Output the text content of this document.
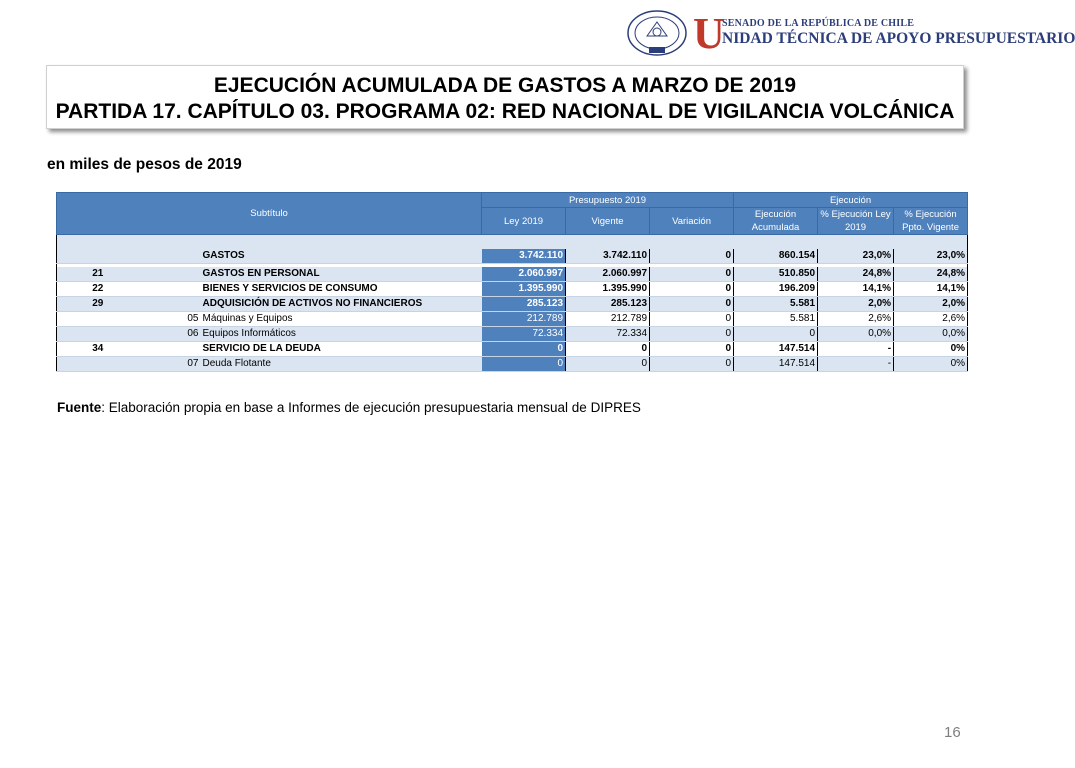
U
SENADO DE LA REPÚBLICA DE CHILE
NIDAD TÉCNICA DE APOYO PRESUPUESTARIO
EJECUCIÓN ACUMULADA DE GASTOS A MARZO DE 2019
PARTIDA 17. CAPÍTULO 03. PROGRAMA 02: RED NACIONAL DE VIGILANCIA VOLCÁNICA
en miles de pesos de 2019
Subtítulo			Presupuesto 2019			Ejecución		
			Ley 2019	Vigente	Variación	Ejecución Acumulada	% Ejecución Ley 2019	% Ejecución Ppto. Vigente

		GASTOS	3.742.110	3.742.110	0	860.154	23,0%	23,0%

21		GASTOS EN PERSONAL	2.060.997	2.060.997	0	510.850	24,8%	24,8%
22		BIENES Y SERVICIOS DE CONSUMO	1.395.990	1.395.990	0	196.209	14,1%	14,1%
29		ADQUISICIÓN DE ACTIVOS NO FINANCIEROS	285.123	285.123	0	5.581	2,0%	2,0%
	05	Máquinas y Equipos	212.789	212.789	0	5.581	2,6%	2,6%
	06	Equipos Informáticos	72.334	72.334	0	0	0,0%	0,0%
34		SERVICIO DE LA DEUDA	0	0	0	147.514	-	0%
	07	Deuda Flotante	0	0	0	147.514	-	0%
Fuente: Elaboración propia en base a Informes de ejecución presupuestaria mensual de DIPRES
16
